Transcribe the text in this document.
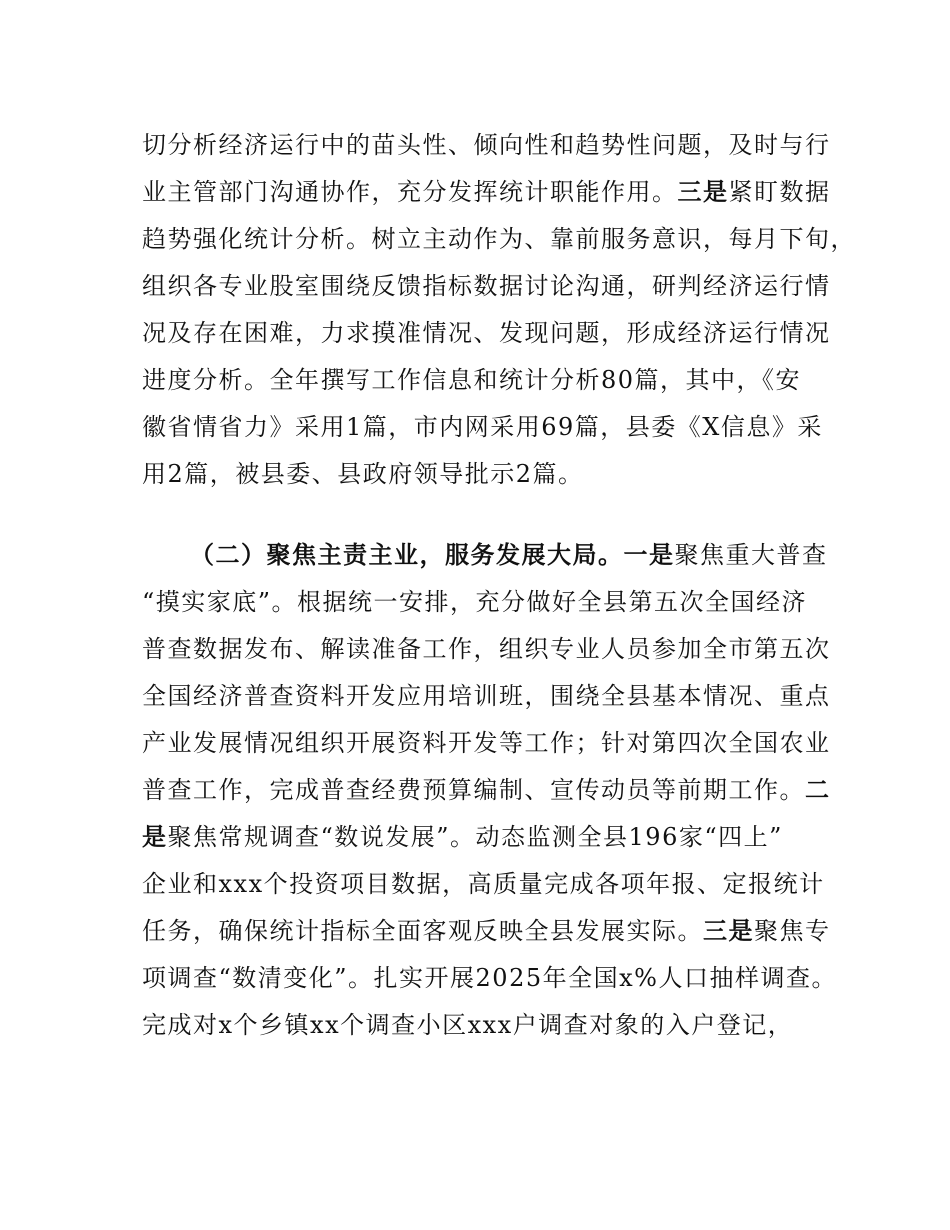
切分析经济运行中的苗头性、倾向性和趋势性问题，及时与行
业主管部门沟通协作，充分发挥统计职能作用。三是紧盯数据
趋势强化统计分析。树立主动作为、靠前服务意识，每月下旬，
组织各专业股室围绕反馈指标数据讨论沟通，研判经济运行情
况及存在困难，力求摸准情况、发现问题，形成经济运行情况
进度分析。全年撰写工作信息和统计分析80篇，其中，《安
徽省情省力》采用1篇，市内网采用69篇，县委《X信息》采
用2篇，被县委、县政府领导批示2篇。
（二）聚焦主责主业，服务发展大局。一是聚焦重大普查
“摸实家底”。根据统一安排，充分做好全县第五次全国经济
普查数据发布、解读准备工作，组织专业人员参加全市第五次
全国经济普查资料开发应用培训班，围绕全县基本情况、重点
产业发展情况组织开展资料开发等工作；针对第四次全国农业
普查工作，完成普查经费预算编制、宣传动员等前期工作。二
是聚焦常规调查“数说发展”。动态监测全县196家“四上”
企业和xxx个投资项目数据，高质量完成各项年报、定报统计
任务，确保统计指标全面客观反映全县发展实际。三是聚焦专
项调查“数清变化”。扎实开展2025年全国x%人口抽样调查。
完成对x个乡镇xx个调查小区xxx户调查对象的入户登记，
